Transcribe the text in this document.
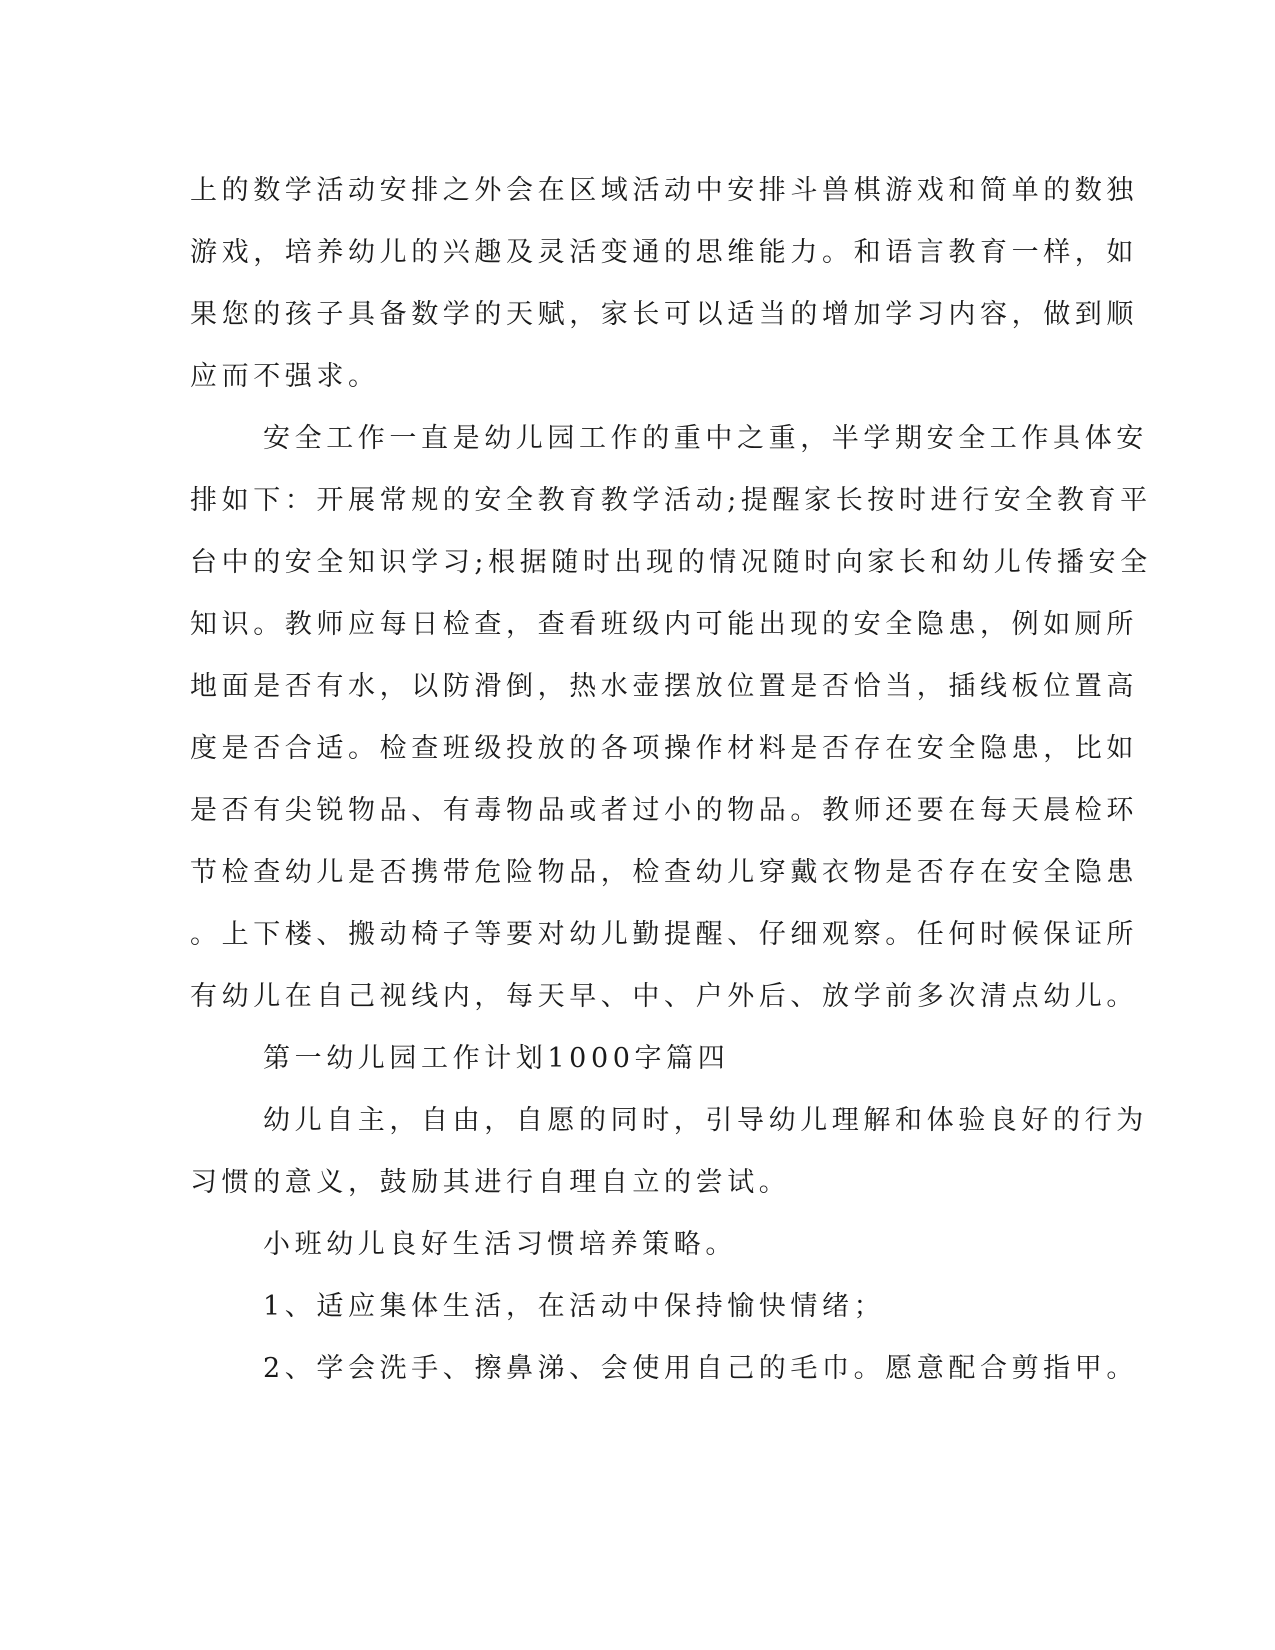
上的数学活动安排之外会在区域活动中安排斗兽棋游戏和简单的数独
游戏，培养幼儿的兴趣及灵活变通的思维能力。和语言教育一样，如
果您的孩子具备数学的天赋，家长可以适当的增加学习内容，做到顺
应而不强求。
安全工作一直是幼儿园工作的重中之重，半学期安全工作具体安
排如下：开展常规的安全教育教学活动;提醒家长按时进行安全教育平
台中的安全知识学习;根据随时出现的情况随时向家长和幼儿传播安全
知识。教师应每日检查，查看班级内可能出现的安全隐患，例如厕所
地面是否有水，以防滑倒，热水壶摆放位置是否恰当，插线板位置高
度是否合适。检查班级投放的各项操作材料是否存在安全隐患，比如
是否有尖锐物品、有毒物品或者过小的物品。教师还要在每天晨检环
节检查幼儿是否携带危险物品，检查幼儿穿戴衣物是否存在安全隐患
。上下楼、搬动椅子等要对幼儿勤提醒、仔细观察。任何时候保证所
有幼儿在自己视线内，每天早、中、户外后、放学前多次清点幼儿。
第一幼儿园工作计划1000字篇四
幼儿自主，自由，自愿的同时，引导幼儿理解和体验良好的行为
习惯的意义，鼓励其进行自理自立的尝试。
小班幼儿良好生活习惯培养策略。
1、适应集体生活，在活动中保持愉快情绪；
2、学会洗手、擦鼻涕、会使用自己的毛巾。愿意配合剪指甲。
